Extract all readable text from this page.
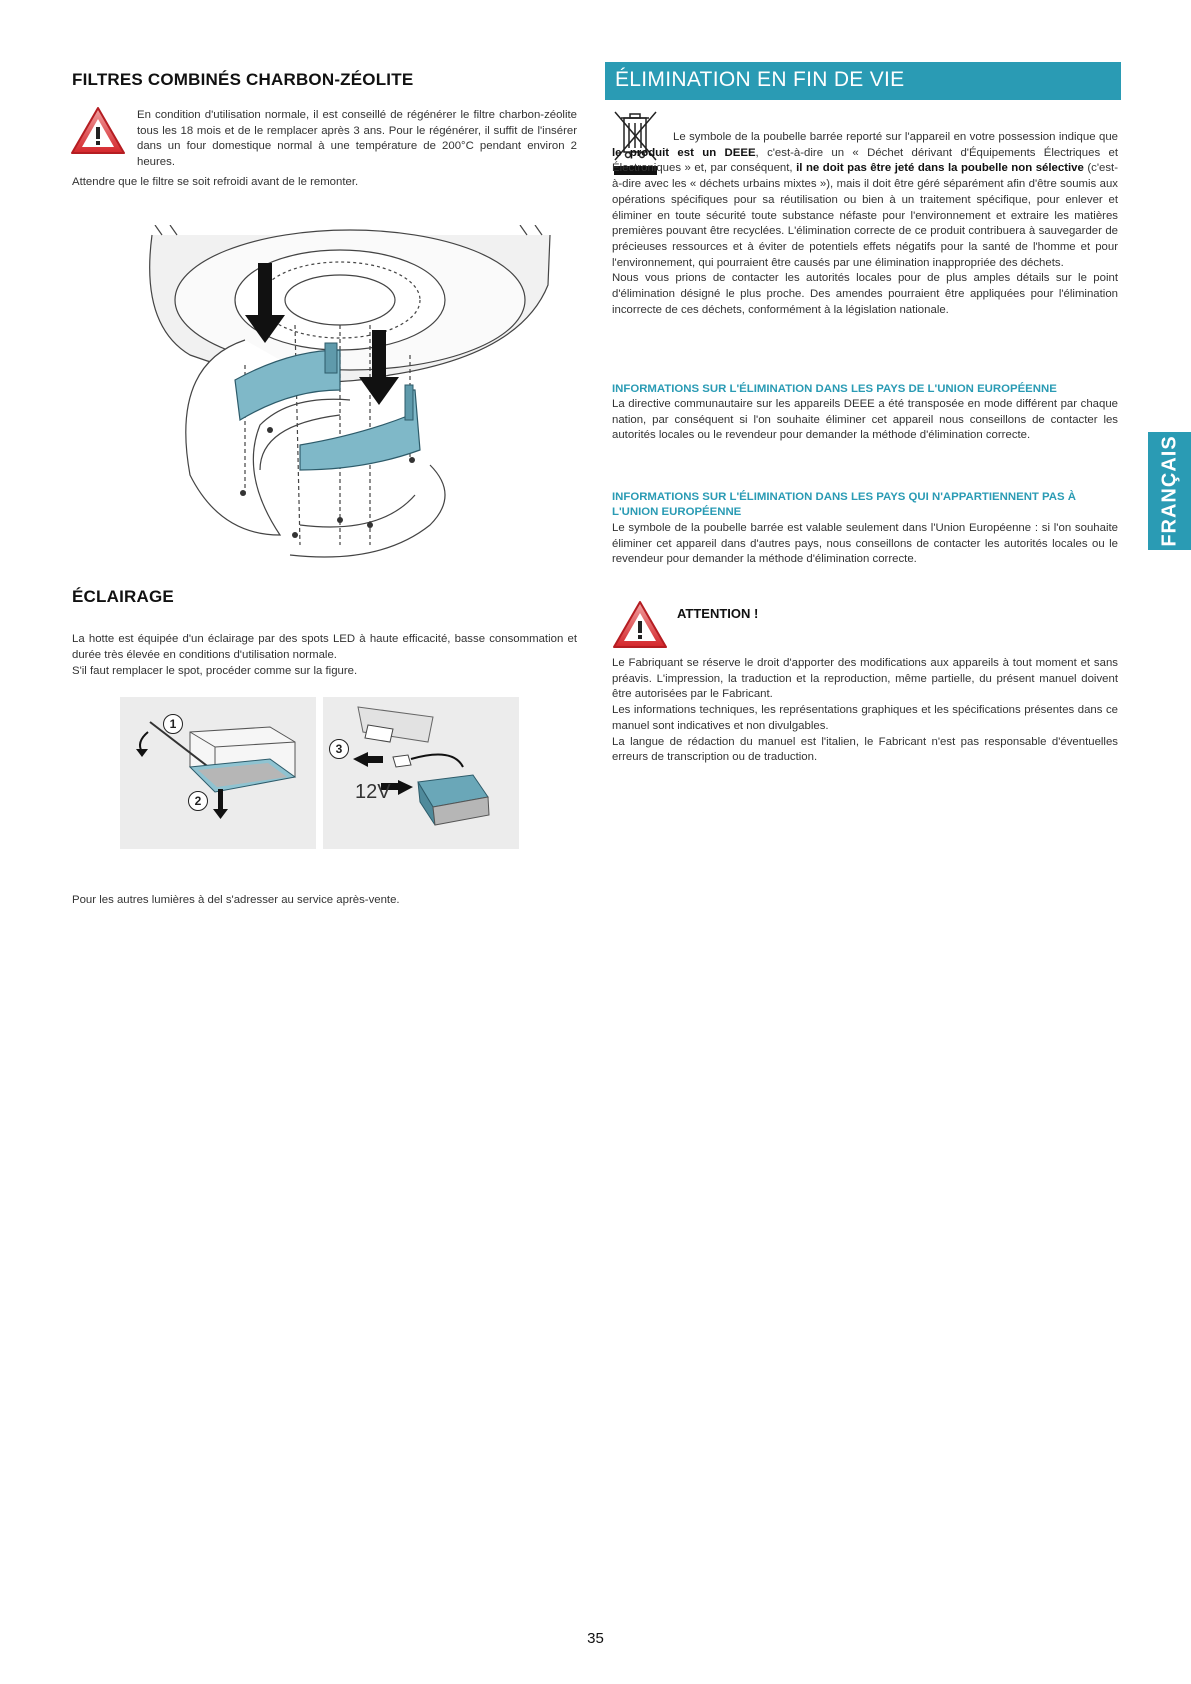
FILTRES COMBINÉS CHARBON-ZÉOLITE
En condition d'utilisation normale, il est conseillé de régénérer le filtre charbon-zéolite tous les 18 mois et de le remplacer après 3 ans. Pour le régénérer, il suffit de l'insérer dans un four domestique normal à une température de 200°C pendant environ 2 heures.
Attendre que le filtre se soit refroidi avant de le remonter.
ÉCLAIRAGE
La hotte est équipée d'un éclairage par des spots LED à haute efficacité, basse consommation et durée très élevée en conditions d'utilisation normale.
S'il faut remplacer le spot, procéder comme sur la figure.
1
2
3
12V
Pour les autres lumières à del s'adresser au service après-vente.
ÉLIMINATION EN FIN DE VIE

Le symbole de la poubelle barrée reporté sur l'appareil en votre possession indique que le produit est un DEEE, c'est-à-dire un « Déchet dérivant d'Équipements Électriques et Électroniques » et, par conséquent, il ne doit pas être jeté dans la poubelle non sélective (c'est-à-dire avec les « déchets urbains mixtes »), mais il doit être géré séparément afin d'être soumis aux opérations spécifiques pour sa réutilisation ou bien à un traitement spécifique, pour enlever et éliminer en toute sécurité toute substance néfaste pour l'environnement et extraire les matières premières pouvant être recyclées. L'élimination correcte de ce produit contribuera à sauvegarder de précieuses ressources et à éviter de potentiels effets négatifs pour la santé de l'homme et pour l'environnement, qui pourraient être causés par une élimination inappropriée des déchets.

Nous vous prions de contacter les autorités locales pour de plus amples détails sur le point d'élimination désigné le plus proche. Des amendes pourraient être appliquées pour l'élimination incorrecte de ces déchets, conformément à la législation nationale.

INFORMATIONS SUR L'ÉLIMINATION DANS LES PAYS DE L'UNION EUROPÉENNE
La directive communautaire sur les appareils DEEE a été transposée en mode différent par chaque nation, par conséquent si l'on souhaite éliminer cet appareil nous conseillons de contacter les autorités locales ou le revendeur pour demander la méthode d'élimination correcte.
INFORMATIONS SUR L'ÉLIMINATION DANS LES PAYS QUI N'APPARTIENNENT PAS À L'UNION EUROPÉENNE
Le symbole de la poubelle barrée est valable seulement dans l'Union Européenne : si l'on souhaite éliminer cet appareil dans d'autres pays, nous conseillons de contacter les autorités locales ou le revendeur pour demander la méthode d'élimination correcte.
ATTENTION !

Le Fabriquant se réserve le droit d'apporter des modifications aux appareils à tout moment et sans préavis. L'impression, la traduction et la reproduction, même partielle, du présent manuel doivent être autorisées par le Fabricant.

Les informations techniques, les représentations graphiques et les spécifications présentes dans ce manuel sont indicatives et non divulgables.

La langue de rédaction du manuel est l'italien, le Fabricant n'est pas responsable d'éventuelles erreurs de transcription ou de traduction.

FRANÇAIS
35
